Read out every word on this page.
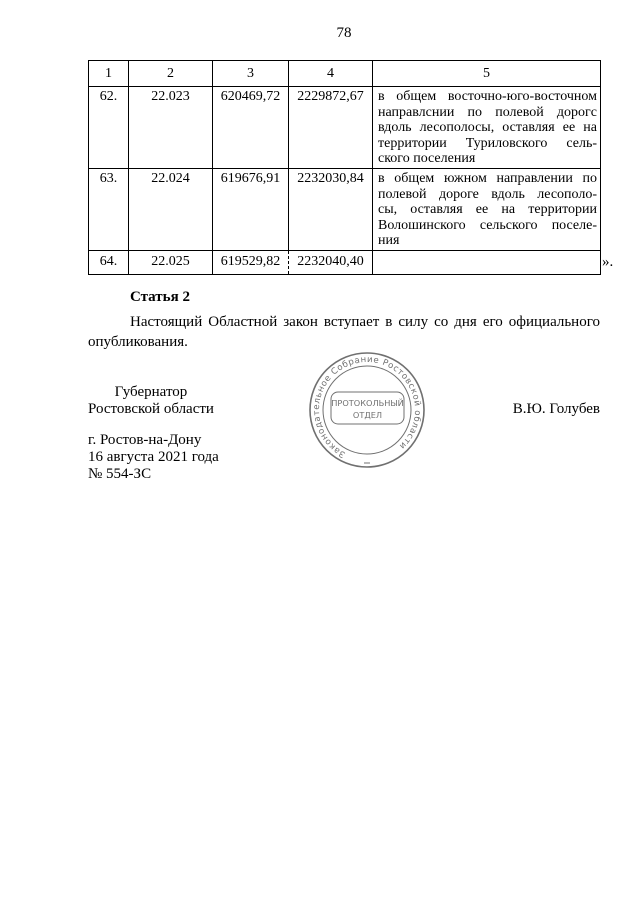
78
1	2	3	4	5
62.	22.023	620469,72	2229872,67	в общем восточно-юго-восточном
направлснии по полевой дорогс
вдоль лесополосы, оставляя ее на
территории Туриловского сель-
ского поселения

63.	22.024	619676,91	2232030,84	в общем южном направлении по
полевой дороге вдоль лесополо-
сы, оставляя ее на территории
Волошинского сельского поселе-
ния

64.	22.025	619529,82	2232040,40		».
Статья 2

Настоящий Областной закон вступает в силу со дня его официального опубликования.

Губернатор
Ростовской области
Законодательное Собрание Ростовской области
ПРОТОКОЛЬНЫЙ
ОТДЕЛ	В.Ю. Голубев
г. Ростов-на-Дону
16 августа 2021 года
№ 554-ЗС
